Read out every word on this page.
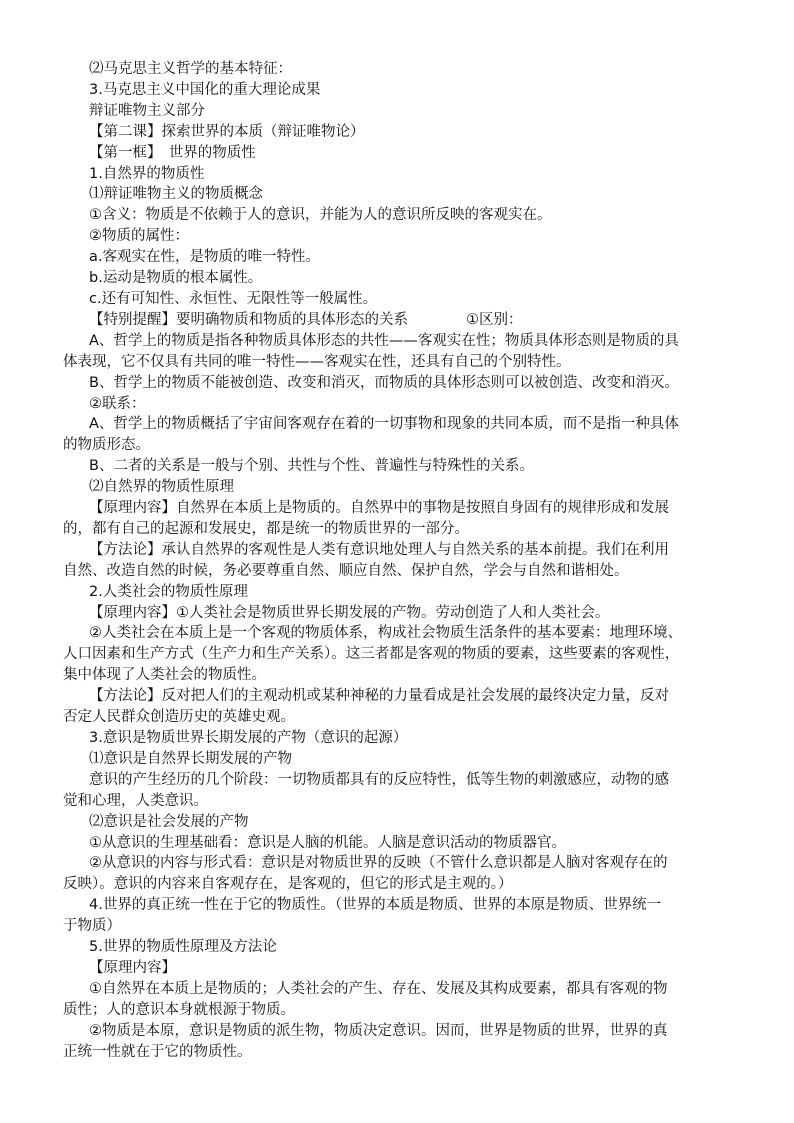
⑵马克思主义哲学的基本特征：
3.马克思主义中国化的重大理论成果
辩证唯物主义部分
【第二课】探索世界的本质（辩证唯物论）
【第一框】　世界的物质性
1.自然界的物质性
⑴辩证唯物主义的物质概念
①含义：物质是不依赖于人的意识，并能为人的意识所反映的客观实在。
②物质的属性：
a.客观实在性，是物质的唯一特性。
b.运动是物质的根本属性。
c.还有可知性、永恒性、无限性等一般属性。
【特别提醒】要明确物质和物质的具体形态的关系	①区别：
A、哲学上的物质是指各种物质具体形态的共性——客观实在性；物质具体形态则是物质的具
体表现，它不仅具有共同的唯一特性——客观实在性，还具有自己的个别特性。
B、哲学上的物质不能被创造、改变和消灭，而物质的具体形态则可以被创造、改变和消灭。
②联系：
A、哲学上的物质概括了宇宙间客观存在着的一切事物和现象的共同本质，而不是指一种具体
的物质形态。
B、二者的关系是一般与个别、共性与个性、普遍性与特殊性的关系。
⑵自然界的物质性原理
【原理内容】自然界在本质上是物质的。自然界中的事物是按照自身固有的规律形成和发展
的，都有自己的起源和发展史，都是统一的物质世界的一部分。
【方法论】承认自然界的客观性是人类有意识地处理人与自然关系的基本前提。我们在利用
自然、改造自然的时候，务必要尊重自然、顺应自然、保护自然，学会与自然和谐相处。
2.人类社会的物质性原理
【原理内容】①人类社会是物质世界长期发展的产物。劳动创造了人和人类社会。
②人类社会在本质上是一个客观的物质体系，构成社会物质生活条件的基本要素：地理环境、
人口因素和生产方式（生产力和生产关系）。这三者都是客观的物质的要素，这些要素的客观性，
集中体现了人类社会的物质性。
【方法论】反对把人们的主观动机或某种神秘的力量看成是社会发展的最终决定力量，反对
否定人民群众创造历史的英雄史观。
3.意识是物质世界长期发展的产物（意识的起源）
⑴意识是自然界长期发展的产物
意识的产生经历的几个阶段：一切物质都具有的反应特性，低等生物的刺激感应，动物的感
觉和心理，人类意识。
⑵意识是社会发展的产物
①从意识的生理基础看：意识是人脑的机能。人脑是意识活动的物质器官。
②从意识的内容与形式看：意识是对物质世界的反映（不管什么意识都是人脑对客观存在的
反映）。意识的内容来自客观存在，是客观的，但它的形式是主观的。）
4.世界的真正统一性在于它的物质性。（世界的本质是物质、世界的本原是物质、世界统一
于物质）
5.世界的物质性原理及方法论
【原理内容】
①自然界在本质上是物质的；人类社会的产生、存在、发展及其构成要素，都具有客观的物
质性；人的意识本身就根源于物质。
②物质是本原，意识是物质的派生物，物质决定意识。因而，世界是物质的世界，世界的真
正统一性就在于它的物质性。
